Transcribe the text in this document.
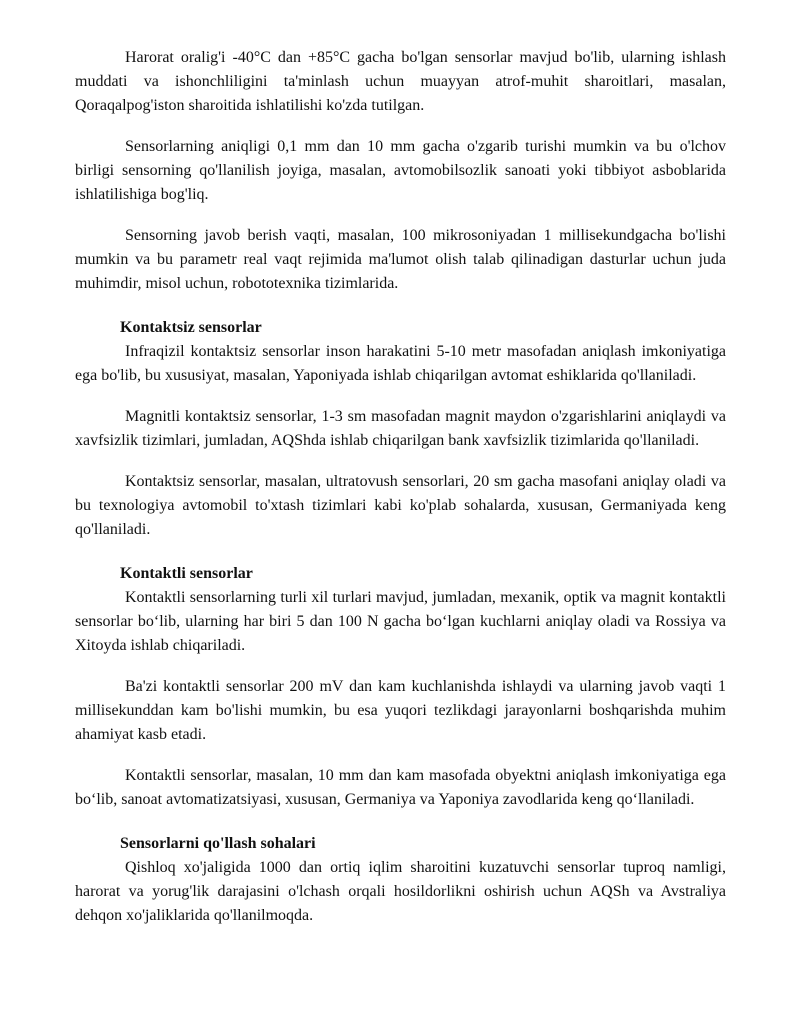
Harorat oralig'i -40°C dan +85°C gacha bo'lgan sensorlar mavjud bo'lib, ularning ishlash muddati va ishonchliligini ta'minlash uchun muayyan atrof-muhit sharoitlari, masalan, Qoraqalpog'iston sharoitida ishlatilishi ko'zda tutilgan.

Sensorlarning aniqligi 0,1 mm dan 10 mm gacha o'zgarib turishi mumkin va bu o'lchov birligi sensorning qo'llanilish joyiga, masalan, avtomobilsozlik sanoati yoki tibbiyot asboblarida ishlatilishiga bog'liq.

Sensorning javob berish vaqti, masalan, 100 mikrosoniyadan 1 millisekundgacha bo'lishi mumkin va bu parametr real vaqt rejimida ma'lumot olish talab qilinadigan dasturlar uchun juda muhimdir, misol uchun, robototexnika tizimlarida.

Kontaktsiz sensorlar

Infraqizil kontaktsiz sensorlar inson harakatini 5-10 metr masofadan aniqlash imkoniyatiga ega bo'lib, bu xususiyat, masalan, Yaponiyada ishlab chiqarilgan avtomat eshiklarida qo'llaniladi.

Magnitli kontaktsiz sensorlar, 1-3 sm masofadan magnit maydon o'zgarishlarini aniqlaydi va xavfsizlik tizimlari, jumladan, AQShda ishlab chiqarilgan bank xavfsizlik tizimlarida qo'llaniladi.

Kontaktsiz sensorlar, masalan, ultratovush sensorlari, 20 sm gacha masofani aniqlay oladi va bu texnologiya avtomobil to'xtash tizimlari kabi ko'plab sohalarda, xususan, Germaniyada keng qo'llaniladi.

Kontaktli sensorlar

Kontaktli sensorlarning turli xil turlari mavjud, jumladan, mexanik, optik va magnit kontaktli sensorlar bo‘lib, ularning har biri 5 dan 100 N gacha bo‘lgan kuchlarni aniqlay oladi va Rossiya va Xitoyda ishlab chiqariladi.

Ba'zi kontaktli sensorlar 200 mV dan kam kuchlanishda ishlaydi va ularning javob vaqti 1 millisekunddan kam bo'lishi mumkin, bu esa yuqori tezlikdagi jarayonlarni boshqarishda muhim ahamiyat kasb etadi.

Kontaktli sensorlar, masalan, 10 mm dan kam masofada obyektni aniqlash imkoniyatiga ega bo‘lib, sanoat avtomatizatsiyasi, xususan, Germaniya va Yaponiya zavodlarida keng qo‘llaniladi.

Sensorlarni qo'llash sohalari

Qishloq xo'jaligida 1000 dan ortiq iqlim sharoitini kuzatuvchi sensorlar tuproq namligi, harorat va yorug'lik darajasini o'lchash orqali hosildorlikni oshirish uchun AQSh va Avstraliya dehqon xo'jaliklarida qo'llanilmoqda.
